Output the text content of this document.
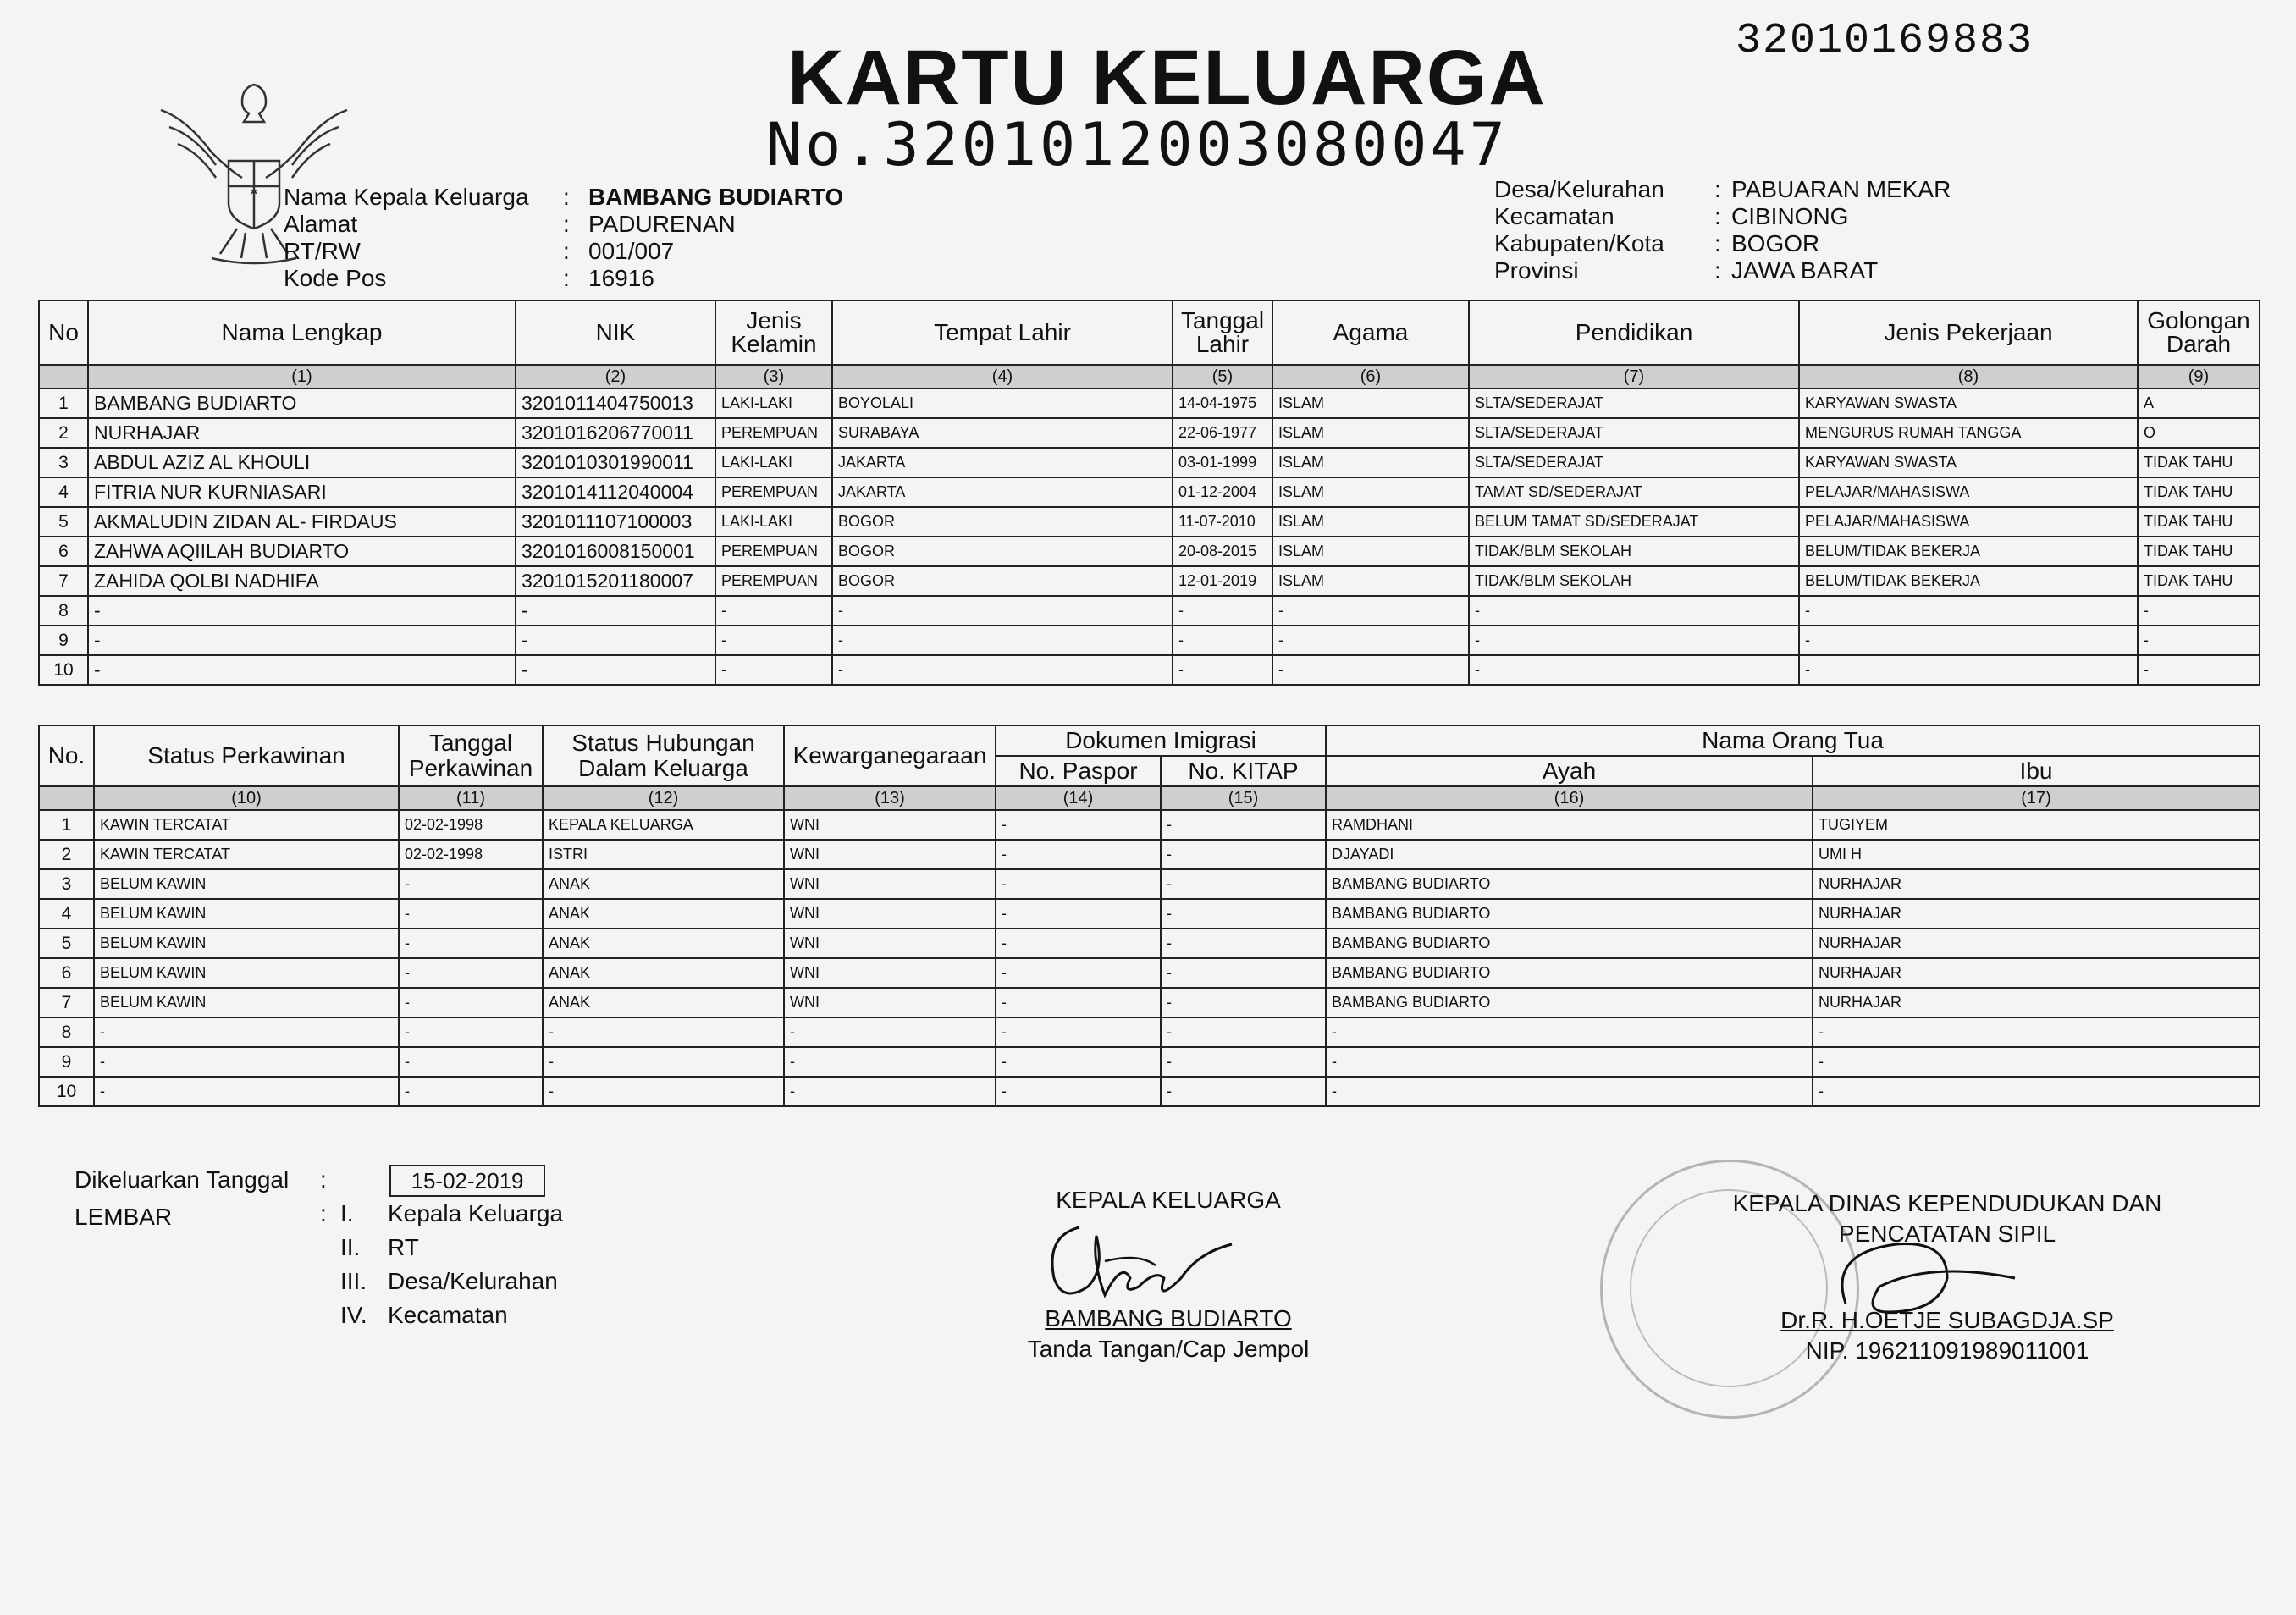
32010169883
KARTU KELUARGA
No.3201012003080047
Nama Kepala Keluarga	: BAMBANG BUDIARTO
Alamat	: PADURENAN
RT/RW	: 001/007
Kode Pos	: 16916
Desa/Kelurahan	: PABUARAN MEKAR
Kecamatan	: CIBINONG
Kabupaten/Kota	: BOGOR
Provinsi	: JAWA BARAT
No	Nama Lengkap	NIK	Jenis Kelamin	Tempat Lahir	Tanggal Lahir	Agama	Pendidikan	Jenis Pekerjaan	Golongan Darah
	(1)	(2)	(3)	(4)	(5)	(6)	(7)	(8)	(9)
1	BAMBANG BUDIARTO	3201011404750013	LAKI-LAKI	BOYOLALI	14-04-1975	ISLAM	SLTA/SEDERAJAT	KARYAWAN SWASTA	A
2	NURHAJAR	3201016206770011	PEREMPUAN	SURABAYA	22-06-1977	ISLAM	SLTA/SEDERAJAT	MENGURUS RUMAH TANGGA	O
3	ABDUL AZIZ AL KHOULI	3201010301990011	LAKI-LAKI	JAKARTA	03-01-1999	ISLAM	SLTA/SEDERAJAT	KARYAWAN SWASTA	TIDAK TAHU
4	FITRIA NUR KURNIASARI	3201014112040004	PEREMPUAN	JAKARTA	01-12-2004	ISLAM	TAMAT SD/SEDERAJAT	PELAJAR/MAHASISWA	TIDAK TAHU
5	AKMALUDIN ZIDAN AL- FIRDAUS	3201011107100003	LAKI-LAKI	BOGOR	11-07-2010	ISLAM	BELUM TAMAT SD/SEDERAJAT	PELAJAR/MAHASISWA	TIDAK TAHU
6	ZAHWA AQIILAH BUDIARTO	3201016008150001	PEREMPUAN	BOGOR	20-08-2015	ISLAM	TIDAK/BLM SEKOLAH	BELUM/TIDAK BEKERJA	TIDAK TAHU
7	ZAHIDA QOLBI NADHIFA	3201015201180007	PEREMPUAN	BOGOR	12-01-2019	ISLAM	TIDAK/BLM SEKOLAH	BELUM/TIDAK BEKERJA	TIDAK TAHU
8	-	-	-	-	-	-	-	-	-
9	-	-	-	-	-	-	-	-	-
10	-	-	-	-	-	-	-	-	-
No.	Status Perkawinan	Tanggal Perkawinan	Status Hubungan Dalam Keluarga	Kewarganegaraan	Dokumen Imigrasi		Nama Orang Tua	
					No. Paspor	No. KITAP	Ayah	Ibu
	(10)	(11)	(12)	(13)	(14)	(15)	(16)	(17)
1	KAWIN TERCATAT	02-02-1998	KEPALA KELUARGA	WNI	-	-	RAMDHANI	TUGIYEM
2	KAWIN TERCATAT	02-02-1998	ISTRI	WNI	-	-	DJAYADI	UMI H
3	BELUM KAWIN	-	ANAK	WNI	-	-	BAMBANG BUDIARTO	NURHAJAR
4	BELUM KAWIN	-	ANAK	WNI	-	-	BAMBANG BUDIARTO	NURHAJAR
5	BELUM KAWIN	-	ANAK	WNI	-	-	BAMBANG BUDIARTO	NURHAJAR
6	BELUM KAWIN	-	ANAK	WNI	-	-	BAMBANG BUDIARTO	NURHAJAR
7	BELUM KAWIN	-	ANAK	WNI	-	-	BAMBANG BUDIARTO	NURHAJAR
8	-	-	-	-	-	-	-	-
9	-	-	-	-	-	-	-	-
10	-	-	-	-	-	-	-	-
Dikeluarkan Tanggal :	15-02-2019
LEMBAR	: I. Kepala Keluarga
II. RT
III. Desa/Kelurahan
IV. Kecamatan
KEPALA KELUARGA
BAMBANG BUDIARTO
Tanda Tangan/Cap Jempol
KEPALA DINAS KEPENDUDUKAN DAN
PENCATATAN SIPIL
Dr.R. H.OETJE SUBAGDJA.SP
NIP. 196211091989011001
